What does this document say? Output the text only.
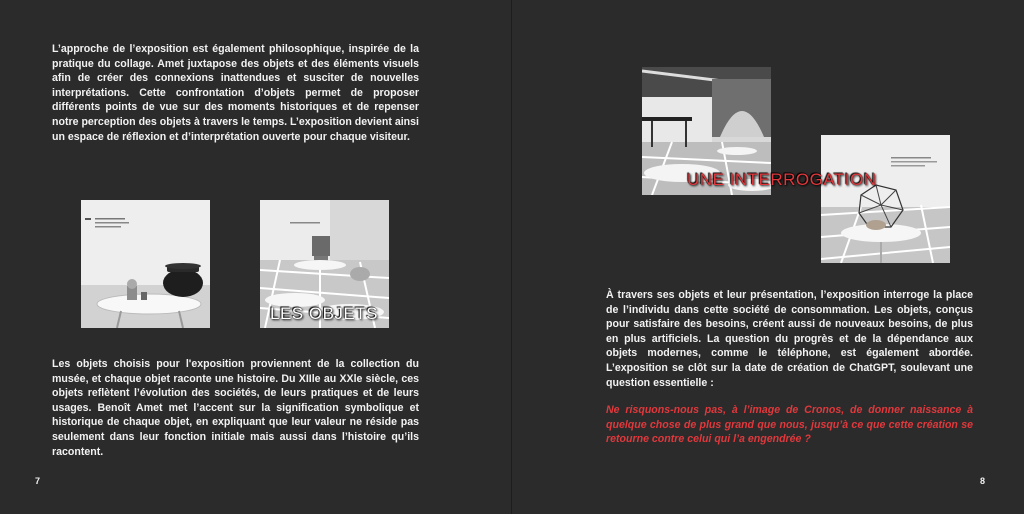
L’approche de l’exposition est également philosophique, inspirée de la pratique du collage. Amet juxtapose des objets et des éléments visuels afin de créer des connexions inattendues et susciter de nouvelles interprétations. Cette confrontation d’objets permet de proposer différents points de vue sur des moments historiques et de repenser notre perception des objets à travers le temps. L’exposition devient ainsi un espace de réflexion et d’interprétation ouverte pour chaque visiteur.

LES OBJETS

Les objets choisis pour l'exposition proviennent de la collection du musée, et chaque objet raconte une histoire. Du XIIle au XXle siècle, ces objets reflètent l’évolution des sociétés, de leurs pratiques et de leurs usages. Benoît Amet met l’accent sur la signification symbolique et historique de chaque objet, en expliquant que leur valeur ne réside pas seulement dans leur fonction initiale mais aussi dans l’histoire qu’ils racontent.

7
UNE INTERROGATION

À travers ses objets et leur présentation, l’exposition interroge la place de l’individu dans cette société de consommation. Les objets, conçus pour satisfaire des besoins, créent aussi de nouveaux besoins, de plus en plus artificiels. La question du progrès et de la dépendance aux objets modernes, comme le téléphone, est également abordée. L’exposition se clôt sur la date de création de ChatGPT, soulevant une question essentielle :

Ne risquons-nous pas, à l’image de Cronos, de donner naissance à quelque chose de plus grand que nous, jusqu’à ce que cette création se retourne contre celui qui l’a engendrée ?

8
